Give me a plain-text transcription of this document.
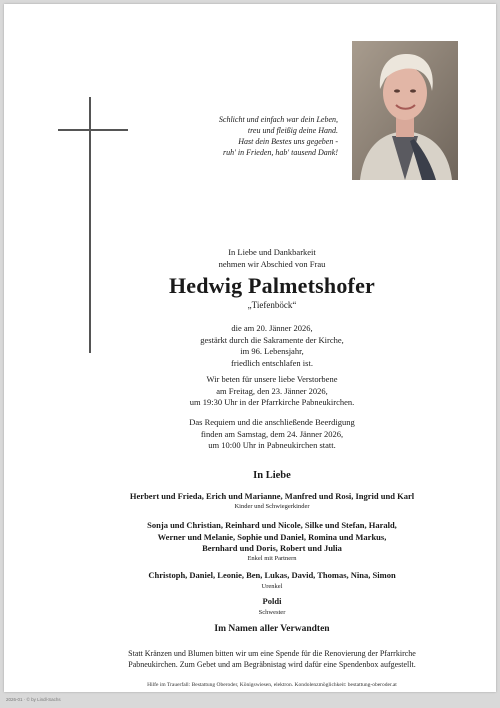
Schlicht und einfach war dein Leben,
treu und fleißig deine Hand.
Hast dein Bestes uns gegeben -
ruh' in Frieden, hab' tausend Dank!
In Liebe und Dankbarkeit
nehmen wir Abschied von Frau
Hedwig Palmetshofer
„Tiefenböck“
die am 20. Jänner 2026,
gestärkt durch die Sakramente der Kirche,
im 96. Lebensjahr,
friedlich entschlafen ist.
Wir beten für unsere liebe Verstorbene
am Freitag, den 23. Jänner 2026,
um 19:30 Uhr in der Pfarrkirche Pabneukirchen.
Das Requiem und die anschließende Beerdigung
finden am Samstag, dem 24. Jänner 2026,
um 10:00 Uhr in Pabneukirchen statt.
In Liebe
Herbert und Frieda, Erich und Marianne, Manfred und Rosi, Ingrid und Karl
Kinder und Schwiegerkinder
Sonja und Christian, Reinhard und Nicole, Silke und Stefan, Harald,
Werner und Melanie, Sophie und Daniel, Romina und Markus,
Bernhard und Doris, Robert und Julia
Enkel mit Partnern
Christoph, Daniel, Leonie, Ben, Lukas, David, Thomas, Nina, Simon
Urenkel
Poldi
Schwester
Im Namen aller Verwandten
Statt Kränzen und Blumen bitten wir um eine Spende für die Renovierung der Pfarrkirche
Pabneukirchen. Zum Gebet und am Begräbnistag wird dafür eine Spendenbox aufgestellt.
Hilfe im Trauerfall: Bestattung Oberoder, Königswiesen, elektron. Kondolenzmöglichkeit: bestattung-oberoder.at
2026-01 · © by Lindl-Sachs
